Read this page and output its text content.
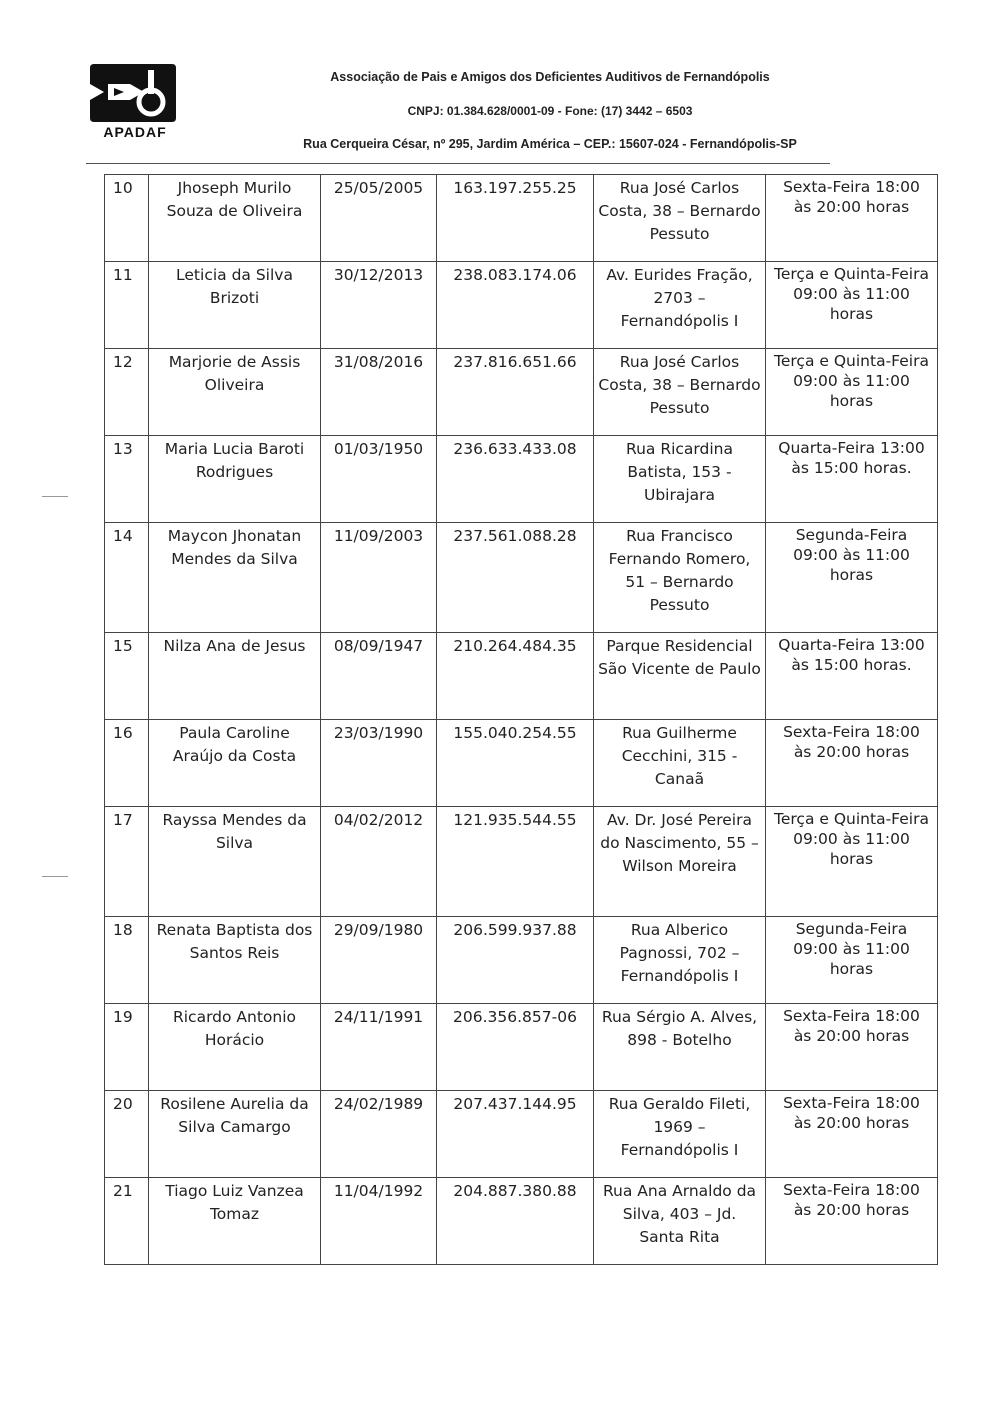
APADAF
Associação de Pais e Amigos dos Deficientes Auditivos de Fernandópolis
CNPJ: 01.384.628/0001-09 - Fone: (17) 3442 – 6503
Rua Cerqueira César, nº 295, Jardim América – CEP.: 15607-024 - Fernandópolis-SP
10	Jhoseph Murilo Souza de Oliveira	25/05/2005	163.197.255.25	Rua José Carlos Costa, 38 – Bernardo Pessuto	Sexta-Feira 18:00 às 20:00 horas
11	Leticia da Silva Brizoti	30/12/2013	238.083.174.06	Av. Eurides Fração, 2703 – Fernandópolis I	Terça e Quinta-Feira 09:00 às 11:00 horas
12	Marjorie de Assis Oliveira	31/08/2016	237.816.651.66	Rua José Carlos Costa, 38 – Bernardo Pessuto	Terça e Quinta-Feira 09:00 às 11:00 horas
13	Maria Lucia Baroti Rodrigues	01/03/1950	236.633.433.08	Rua Ricardina Batista, 153 - Ubirajara	Quarta-Feira 13:00 às 15:00 horas.
14	Maycon Jhonatan Mendes da Silva	11/09/2003	237.561.088.28	Rua Francisco Fernando Romero, 51 – Bernardo Pessuto	Segunda-Feira 09:00 às 11:00 horas
15	Nilza Ana de Jesus	08/09/1947	210.264.484.35	Parque Residencial São Vicente de Paulo	Quarta-Feira 13:00 às 15:00 horas.
16	Paula Caroline Araújo da Costa	23/03/1990	155.040.254.55	Rua Guilherme Cecchini, 315 - Canaã	Sexta-Feira 18:00 às 20:00 horas
17	Rayssa Mendes da Silva	04/02/2012	121.935.544.55	Av. Dr. José Pereira do Nascimento, 55 – Wilson Moreira	Terça e Quinta-Feira 09:00 às 11:00 horas
18	Renata Baptista dos Santos Reis	29/09/1980	206.599.937.88	Rua Alberico Pagnossi, 702 – Fernandópolis I	Segunda-Feira 09:00 às 11:00 horas
19	Ricardo Antonio Horácio	24/11/1991	206.356.857-06	Rua Sérgio A. Alves, 898 - Botelho	Sexta-Feira 18:00 às 20:00 horas
20	Rosilene Aurelia da Silva Camargo	24/02/1989	207.437.144.95	Rua Geraldo Fileti, 1969 – Fernandópolis I	Sexta-Feira 18:00 às 20:00 horas
21	Tiago Luiz Vanzea Tomaz	11/04/1992	204.887.380.88	Rua Ana Arnaldo da Silva, 403 – Jd. Santa Rita	Sexta-Feira 18:00 às 20:00 horas
